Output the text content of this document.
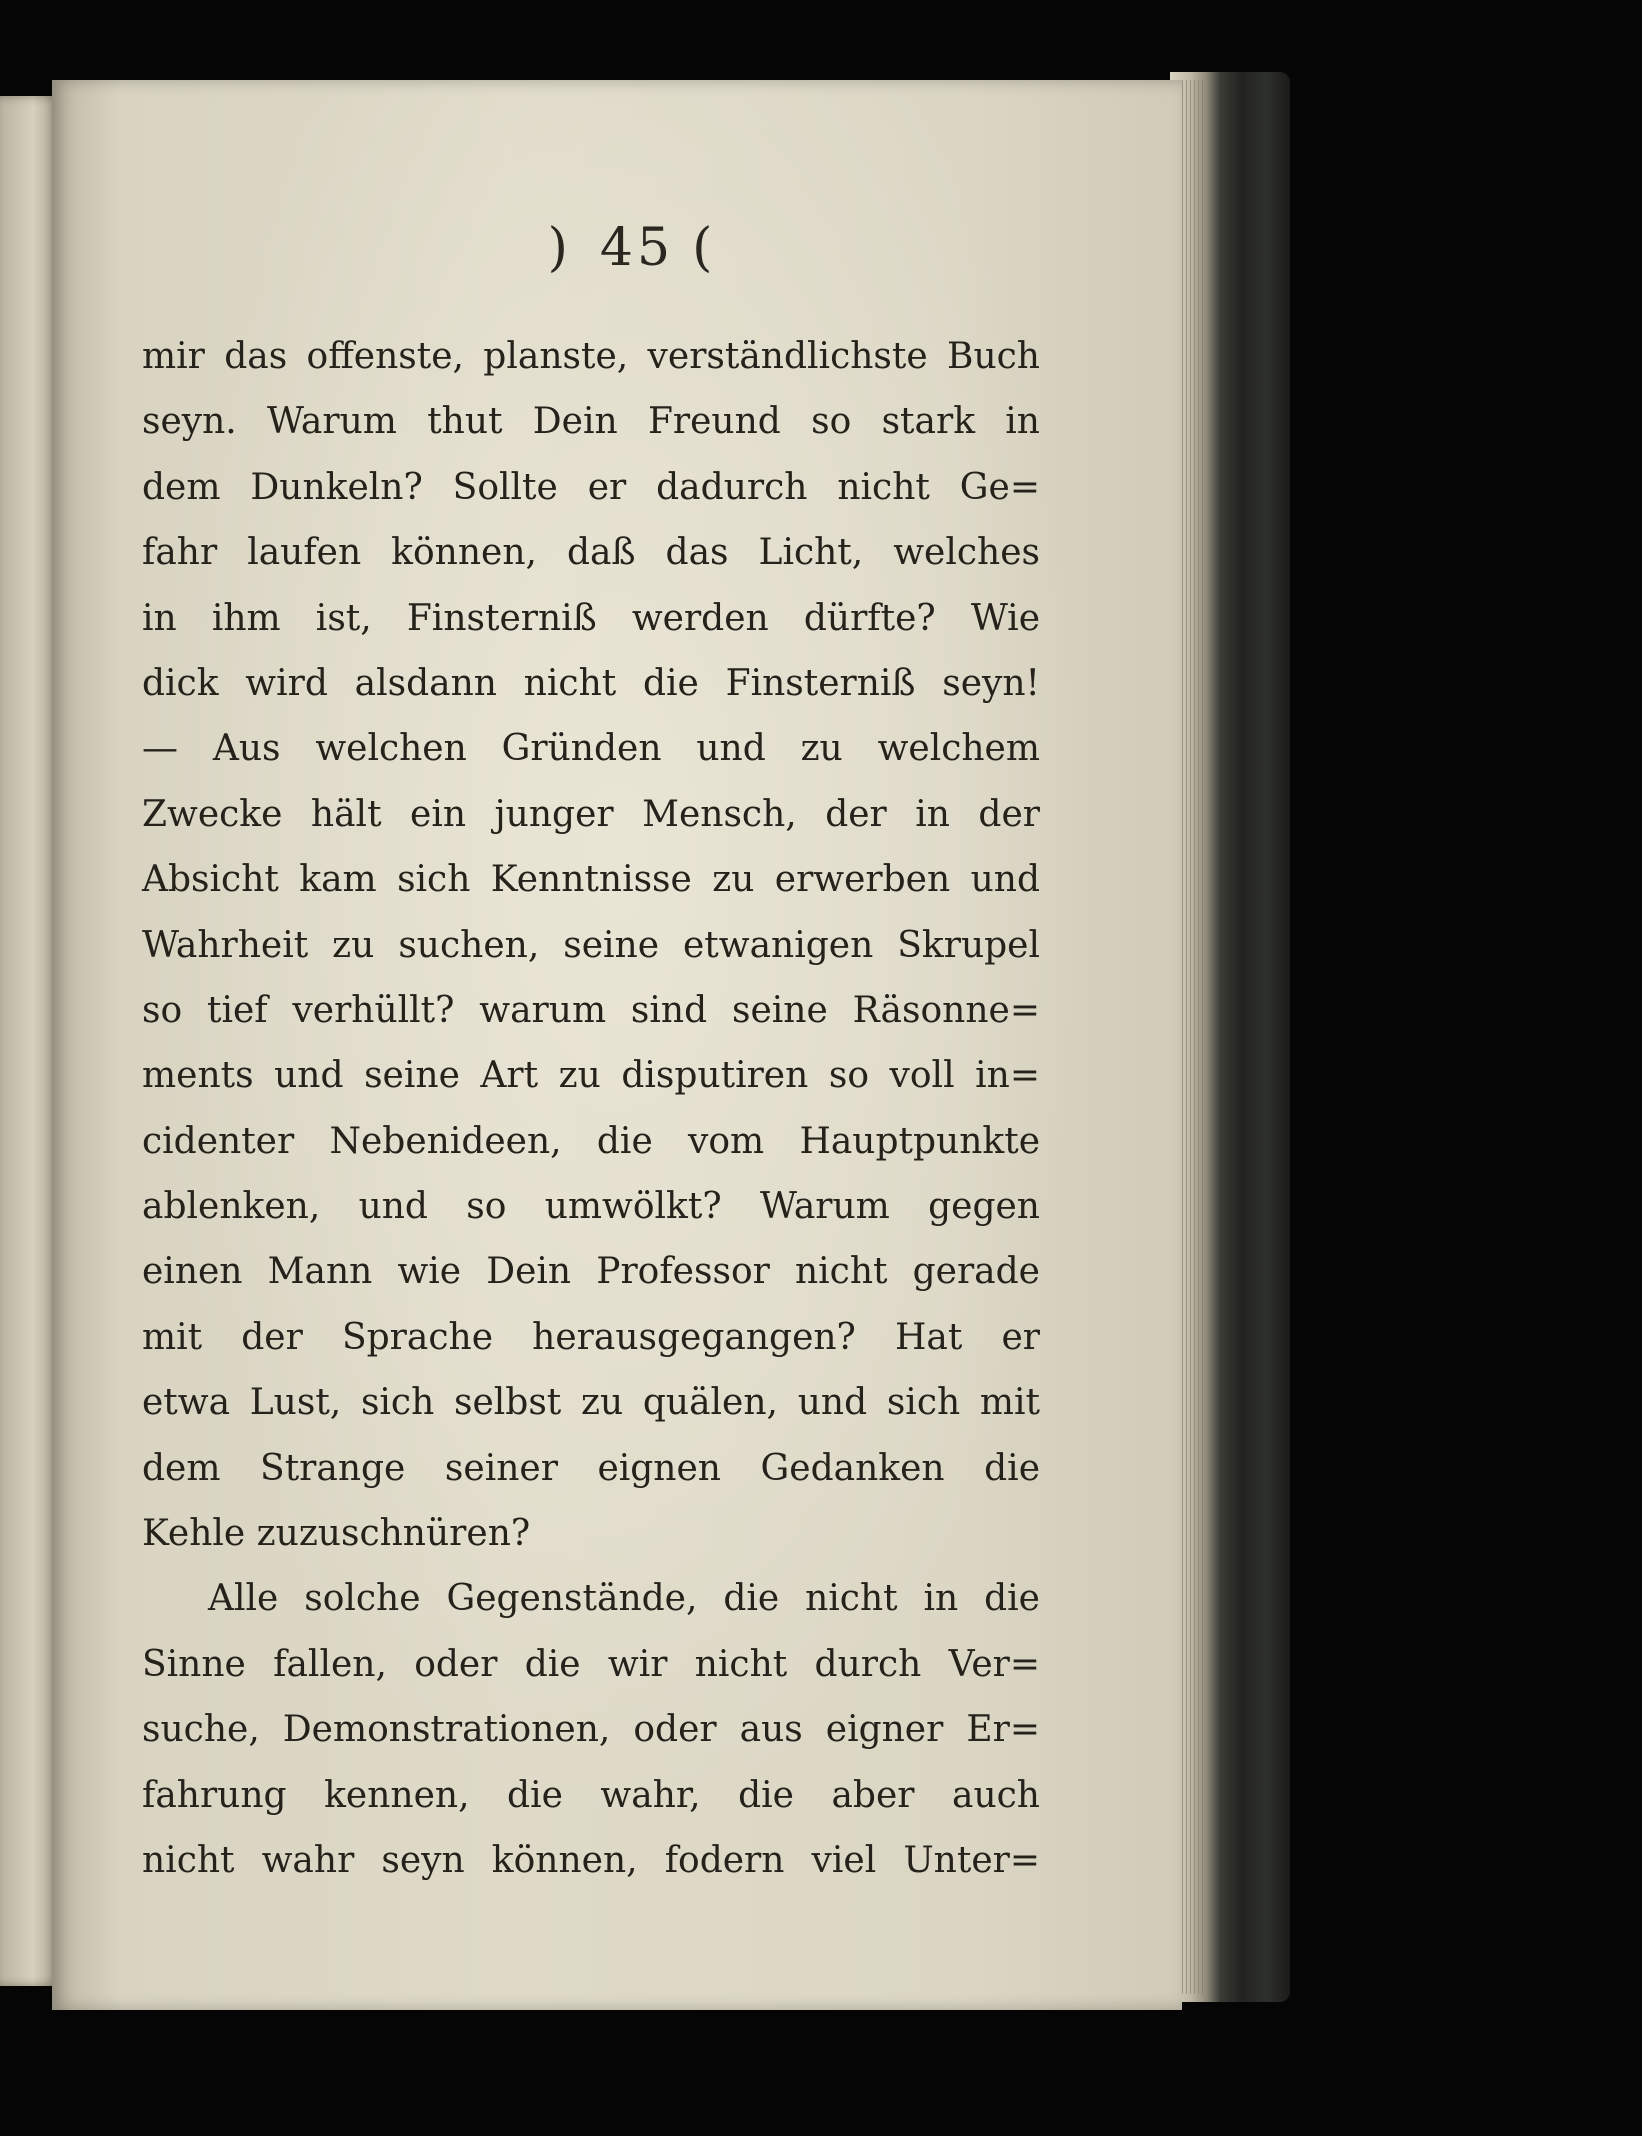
) 45 (
mir das offenste, planste, verständlichste Buch
seyn. Warum thut Dein Freund so stark in
dem Dunkeln? Sollte er dadurch nicht Ge=
fahr laufen können, daß das Licht, welches
in ihm ist, Finsterniß werden dürfte? Wie
dick wird alsdann nicht die Finsterniß seyn!
— Aus welchen Gründen und zu welchem
Zwecke hält ein junger Mensch, der in der
Absicht kam sich Kenntnisse zu erwerben und
Wahrheit zu suchen, seine etwanigen Skrupel
so tief verhüllt? warum sind seine Räsonne=
ments und seine Art zu disputiren so voll in=
cidenter Nebenideen, die vom Hauptpunkte
ablenken, und so umwölkt? Warum gegen
einen Mann wie Dein Professor nicht gerade
mit der Sprache herausgegangen? Hat er
etwa Lust, sich selbst zu quälen, und sich mit
dem Strange seiner eignen Gedanken die
Kehle zuzuschnüren?
Alle solche Gegenstände, die nicht in die
Sinne fallen, oder die wir nicht durch Ver=
suche, Demonstrationen, oder aus eigner Er=
fahrung kennen, die wahr, die aber auch
nicht wahr seyn können, fodern viel Unter=
